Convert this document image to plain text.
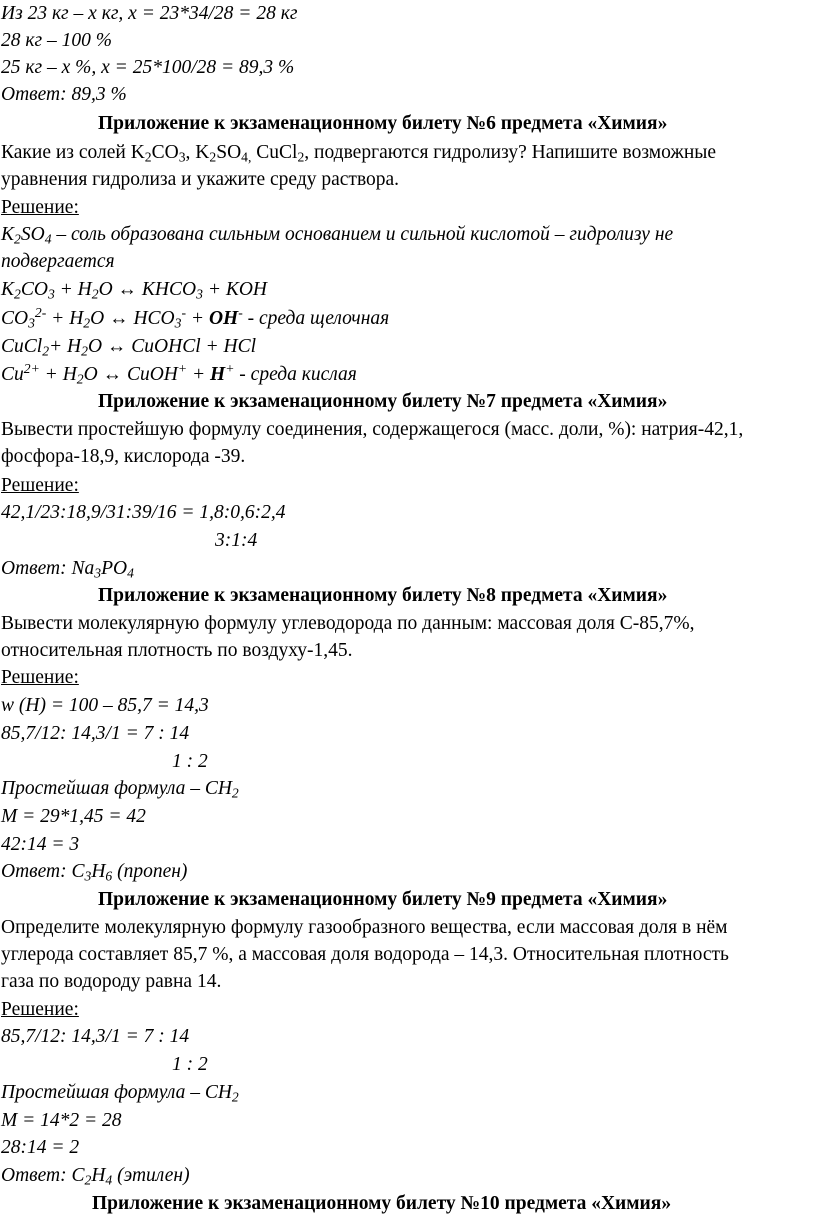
Из 23 кг – х кг, х = 23*34/28 = 28 кг
28 кг – 100 %
25 кг – х %, х = 25*100/28 = 89,3 %
Ответ: 89,3 %
Приложение к экзаменационному билету №6 предмета «Химия»
Какие из солей $K_2CO_3$, $K_2SO_{4,}$ CuCl$_2$, подвергаются гидролизу? Напишите возможные
уравнения гидролиза и укажите среду раствора.
Решение:
$K_2SO_4$ – соль образована сильным основанием и сильной кислотой – гидролизу не
подвергается
$K_2CO_3 + H_2O$ ↔ $KHCO_3$ + KOH
$CO_3^{2-} + H_2O$ ↔ $HCO_3^- + OH^-$ - среда щелочная
CuCl$_2$+ $H_2O$ ↔ CuOHCl + HCl
$Cu^{2+} + H_2O$ ↔ CuOH+ + H+ - среда кислая
Приложение к экзаменационному билету №7 предмета «Химия»
Вывести простейшую формулу соединения, содержащегося (масс. доли, %): натрия-42,1,
фосфора-18,9, кислорода -39.
Решение:
42,1/23:18,9/31:39/16 = 1,8:0,6:2,4
3:1:4
Ответ: $Na_3PO_4$
Приложение к экзаменационному билету №8 предмета «Химия»
Вывести молекулярную формулу углеводорода по данным: массовая доля С-85,7%,
относительная плотность по воздуху-1,45.
Решение:
w (H) = 100 – 85,7 = 14,3
85,7/12: 14,3/1 = 7 : 14
1 : 2
Простейшая формула – $CH_2$
M = 29*1,45 = 42
42:14 = 3
Ответ: $C_3H_6$ (пропен)
Приложение к экзаменационному билету №9 предмета «Химия»
Определите молекулярную формулу газообразного вещества, если массовая доля в нём
углерода составляет 85,7 %, а массовая доля водорода – 14,3. Относительная плотность
газа по водороду равна 14.
Решение:
85,7/12: 14,3/1 = 7 : 14
1 : 2
Простейшая формула – $CH_2$
M = 14*2 = 28
28:14 = 2
Ответ: $C_2H_4$ (этилен)
Приложение к экзаменационному билету №10 предмета «Химия»
